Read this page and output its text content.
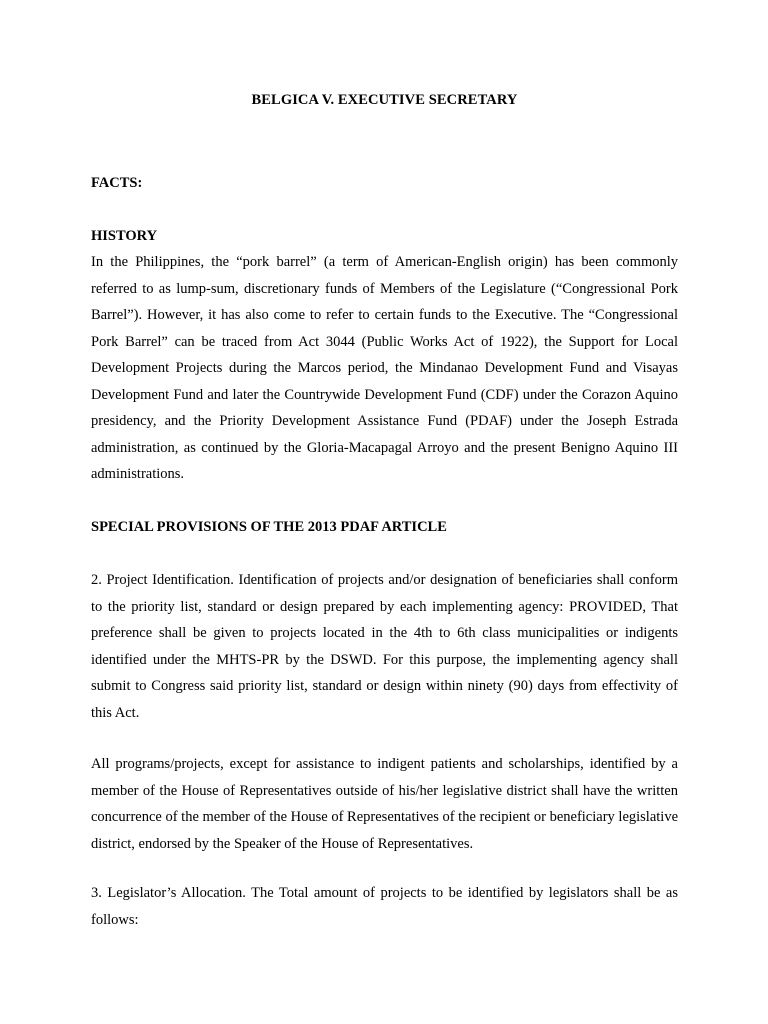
BELGICA V. EXECUTIVE SECRETARY
FACTS:
HISTORY
In the Philippines, the “pork barrel” (a term of American-English origin) has been commonly referred to as lump-sum, discretionary funds of Members of the Legislature (“Congressional Pork Barrel”). However, it has also come to refer to certain funds to the Executive. The “Congressional Pork Barrel” can be traced from Act 3044 (Public Works Act of 1922), the Support for Local Development Projects during the Marcos period, the Mindanao Development Fund and Visayas Development Fund and later the Countrywide Development Fund (CDF) under the Corazon Aquino presidency, and the Priority Development Assistance Fund (PDAF) under the Joseph Estrada administration, as continued by the Gloria-Macapagal Arroyo and the present Benigno Aquino III administrations.
SPECIAL PROVISIONS OF THE 2013 PDAF ARTICLE
2. Project Identification. Identification of projects and/or designation of beneficiaries shall conform to the priority list, standard or design prepared by each implementing agency: PROVIDED, That preference shall be given to projects located in the 4th to 6th class municipalities or indigents identified under the MHTS-PR by the DSWD. For this purpose, the implementing agency shall submit to Congress said priority list, standard or design within ninety (90) days from effectivity of this Act.
All programs/projects, except for assistance to indigent patients and scholarships, identified by a member of the House of Representatives outside of his/her legislative district shall have the written concurrence of the member of the House of Representatives of the recipient or beneficiary legislative district, endorsed by the Speaker of the House of Representatives.
3. Legislator’s Allocation. The Total amount of projects to be identified by legislators shall be as follows:
